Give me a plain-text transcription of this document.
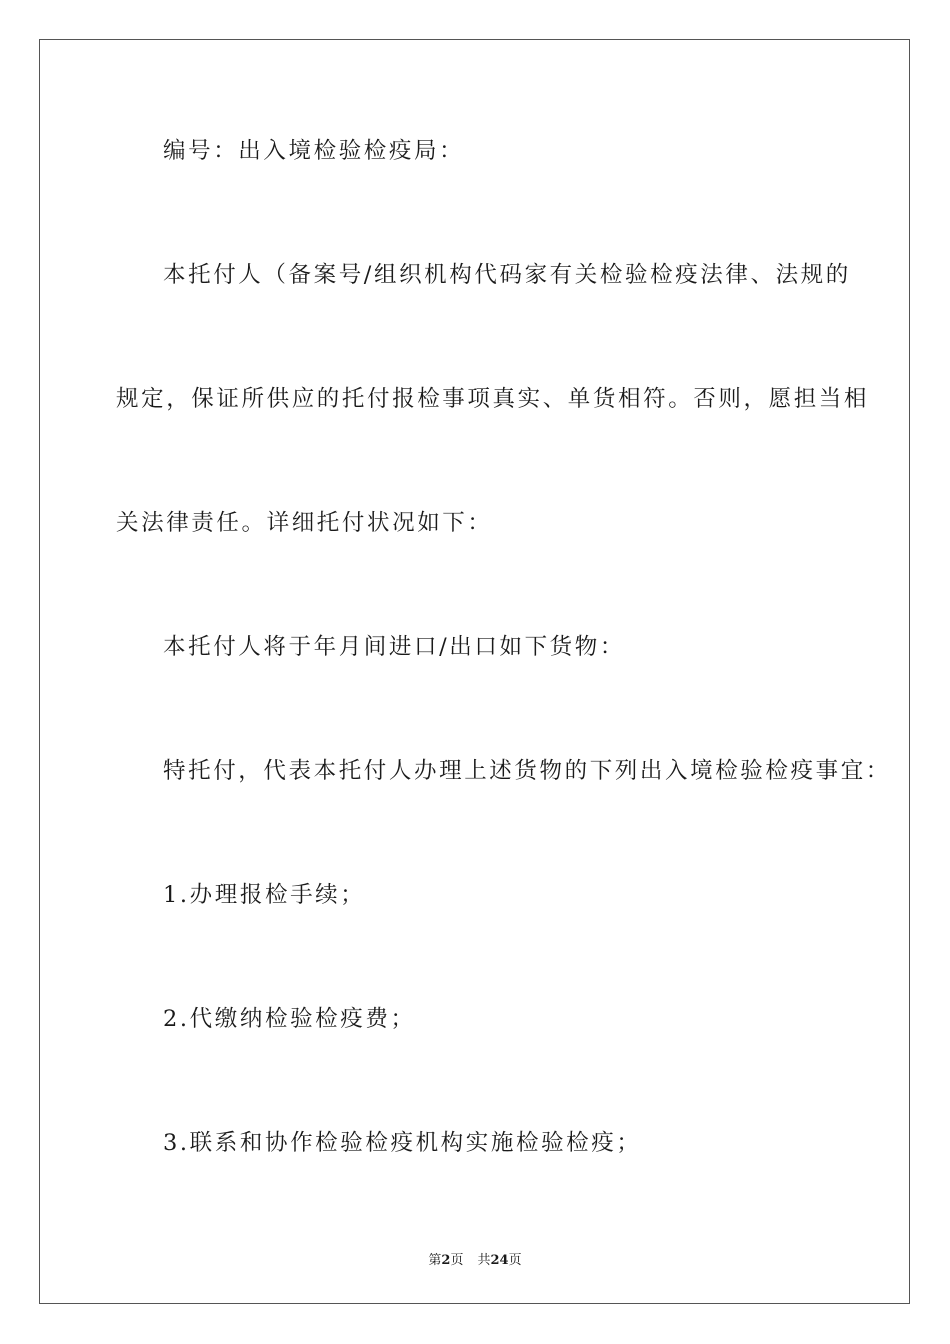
编号：出入境检验检疫局：
本托付人（备案号/组织机构代码家有关检验检疫法律、法规的
规定，保证所供应的托付报检事项真实、单货相符。否则，愿担当相
关法律责任。详细托付状况如下：
本托付人将于年月间进口/出口如下货物：
特托付，代表本托付人办理上述货物的下列出入境检验检疫事宜：
1.办理报检手续；
2.代缴纳检验检疫费；
3.联系和协作检验检疫机构实施检验检疫；
第2页 共24页
